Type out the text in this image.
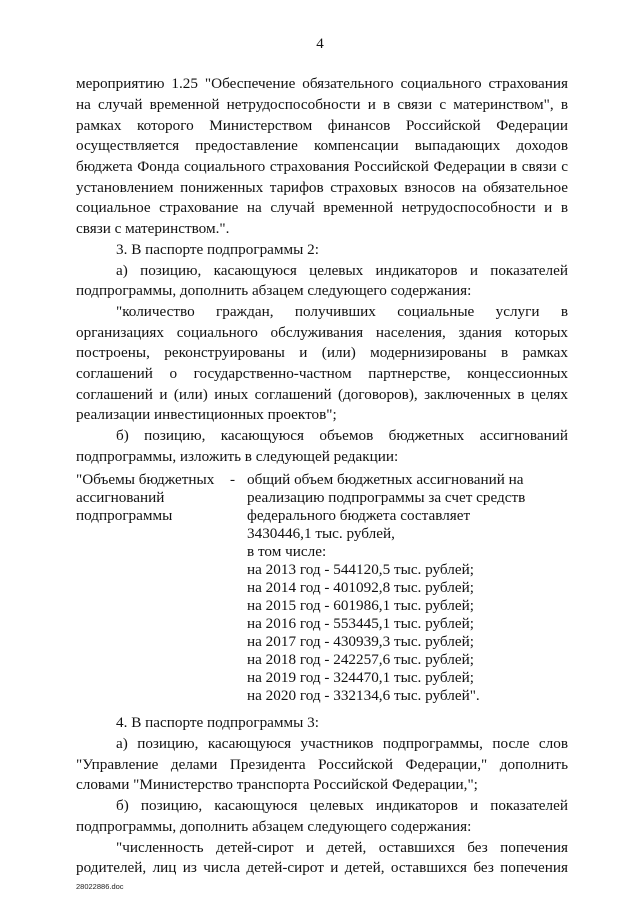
4
мероприятию 1.25 "Обеспечение обязательного социального страхования
на случай временной нетрудоспособности и в связи с материнством", в
рамках которого Министерством финансов Российской Федерации
осуществляется предоставление компенсации выпадающих доходов
бюджета Фонда социального страхования Российской Федерации в связи с
установлением пониженных тарифов страховых взносов на обязательное
социальное страхование на случай временной нетрудоспособности и в
связи с материнством.".
3. В паспорте подпрограммы 2:
а) позицию, касающуюся целевых индикаторов и показателей
подпрограммы, дополнить абзацем следующего содержания:
"количество граждан, получивших социальные услуги в
организациях социального обслуживания населения, здания которых
построены, реконструированы и (или) модернизированы в рамках
соглашений о государственно-частном партнерстве, концессионных
соглашений и (или) иных соглашений (договоров), заключенных в целях
реализации инвестиционных проектов";
б) позицию, касающуюся объемов бюджетных ассигнований
подпрограммы, изложить в следующей редакции:
"Объемы бюджетных
ассигнований
подпрограммы
- общий объем бюджетных ассигнований на
реализацию подпрограммы за счет средств
федерального бюджета составляет
3430446,1 тыс. рублей,
в том числе:
на 2013 год - 544120,5 тыс. рублей;
на 2014 год - 401092,8 тыс. рублей;
на 2015 год - 601986,1 тыс. рублей;
на 2016 год - 553445,1 тыс. рублей;
на 2017 год - 430939,3 тыс. рублей;
на 2018 год - 242257,6 тыс. рублей;
на 2019 год - 324470,1 тыс. рублей;
на 2020 год - 332134,6 тыс. рублей".
4. В паспорте подпрограммы 3:
а) позицию, касающуюся участников подпрограммы, после слов
"Управление делами Президента Российской Федерации," дополнить
словами "Министерство транспорта Российской Федерации,";
б) позицию, касающуюся целевых индикаторов и показателей
подпрограммы, дополнить абзацем следующего содержания:
"численность детей-сирот и детей, оставшихся без попечения
родителей, лиц из числа детей-сирот и детей, оставшихся без попечения
28022886.doc
